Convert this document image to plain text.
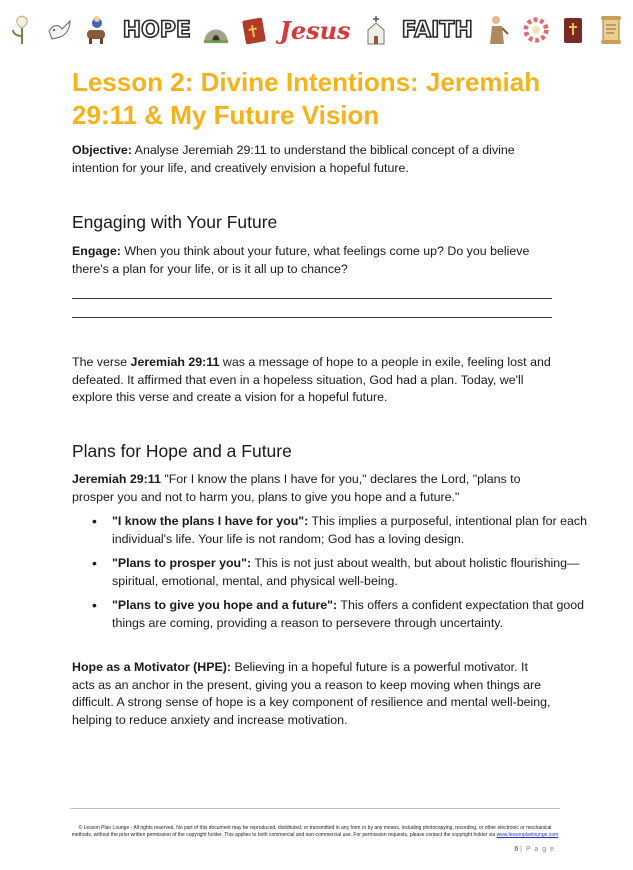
HOPE	Jesus FAITH
Lesson 2: Divine Intentions: Jeremiah 29:11 & My Future Vision

Objective: Analyse Jeremiah 29:11 to understand the biblical concept of a divine intention for your life, and creatively envision a hopeful future.

Engaging with Your Future

Engage: When you think about your future, what feelings come up? Do you believe there's a plan for your life, or is it all up to chance?

The verse Jeremiah 29:11 was a message of hope to a people in exile, feeling lost and defeated. It affirmed that even in a hopeless situation, God had a plan. Today, we'll explore this verse and create a vision for a hopeful future.

Plans for Hope and a Future

Jeremiah 29:11 "For I know the plans I have for you," declares the Lord, "plans to prosper you and not to harm you, plans to give you hope and a future."

• "I know the plans I have for you": This implies a purposeful, intentional plan for each individual's life. Your life is not random; God has a loving design.
• "Plans to prosper you": This is not just about wealth, but about holistic flourishing—spiritual, emotional, mental, and physical well-being.
• "Plans to give you hope and a future": This offers a confident expectation that good things are coming, providing a reason to persevere through uncertainty.

Hope as a Motivator (HPE): Believing in a hopeful future is a powerful motivator. It acts as an anchor in the present, giving you a reason to keep moving when things are difficult. A strong sense of hope is a key component of resilience and mental well-being, helping to reduce anxiety and increase motivation.

© Lesson Plan Lounge - All rights reserved. No part of this document may be reproduced, distributed, or transmitted in any form or by any means, including photocopying, recording, or other electronic or mechanical methods, without the prior written permission of the copyright holder. This applies to both commercial and non-commercial use. For permission requests, please contact the copyright holder via www.lessonplanlounge.com
6 | P a g e
